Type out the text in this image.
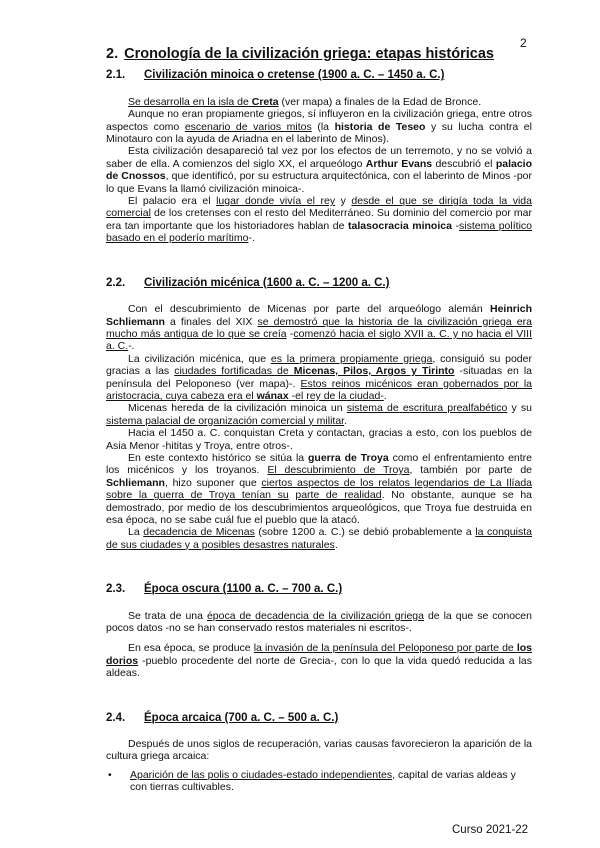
2
2. Cronología de la civilización griega: etapas históricas
2.1.	Civilización minoica o cretense (1900 a. C. – 1450 a. C.)

Se desarrolla en la isla de Creta (ver mapa) a finales de la Edad de Bronce.

Aunque no eran propiamente griegos, sí influyeron en la civilización griega, entre otros aspectos como escenario de varios mitos (la historia de Teseo y su lucha contra el Minotauro con la ayuda de Ariadna en el laberinto de Minos).

Esta civilización desapareció tal vez por los efectos de un terremoto, y no se volvió a saber de ella. A comienzos del siglo XX, el arqueólogo Arthur Evans descubrió el palacio de Cnossos, que identificó, por su estructura arquitectónica, con el laberinto de Minos -por lo que Evans la llamó civilización minoica-.

El palacio era el lugar donde vivía el rey y desde el que se dirigía toda la vida comercial de los cretenses con el resto del Mediterráneo. Su dominio del comercio por mar era tan importante que los historiadores hablan de talasocracia minoica -sistema político basado en el poderío marítimo-.

2.2.	Civilización micénica (1600 a. C. – 1200 a. C.)

Con el descubrimiento de Micenas por parte del arqueólogo alemán Heinrich Schliemann a finales del XIX se demostró que la historia de la civilización griega era mucho más antigua de lo que se creía -comenzó hacia el siglo XVII a. C. y no hacia el VIII a. C.-.

La civilización micénica, que es la primera propiamente griega, consiguió su poder gracias a las ciudades fortificadas de Micenas, Pilos, Argos y Tirinto -situadas en la península del Peloponeso (ver mapa)-. Estos reinos micénicos eran gobernados por la aristocracia, cuya cabeza era el wánax -el rey de la ciudad-.

Micenas hereda de la civilización minoica un sistema de escritura prealfabético y su sistema palacial de organización comercial y militar.

Hacia el 1450 a. C. conquistan Creta y contactan, gracias a esto, con los pueblos de Asia Menor -hititas y Troya, entre otros-.

En este contexto histórico se sitúa la guerra de Troya como el enfrentamiento entre los micénicos y los troyanos. El descubrimiento de Troya, también por parte de Schliemann, hizo suponer que ciertos aspectos de los relatos legendarios de La Ilíada sobre la guerra de Troya tenían su parte de realidad. No obstante, aunque se ha demostrado, por medio de los descubrimientos arqueológicos, que Troya fue destruida en esa época, no se sabe cuál fue el pueblo que la atacó.

La decadencia de Micenas (sobre 1200 a. C.) se debió probablemente a la conquista de sus ciudades y a posibles desastres naturales.

2.3.	Época oscura (1100 a. C. – 700 a. C.)

Se trata de una época de decadencia de la civilización griega de la que se conocen pocos datos -no se han conservado restos materiales ni escritos-.

En esa época, se produce la invasión de la península del Peloponeso por parte de los dorios -pueblo procedente del norte de Grecia-, con lo que la vida quedó reducida a las aldeas.

2.4.	Época arcaica (700 a. C. – 500 a. C.)

Después de unos siglos de recuperación, varias causas favorecieron la aparición de la cultura griega arcaica:

•	Aparición de las polis o ciudades-estado independientes, capital de varias aldeas y con tierras cultivables.
Curso 2021-22
